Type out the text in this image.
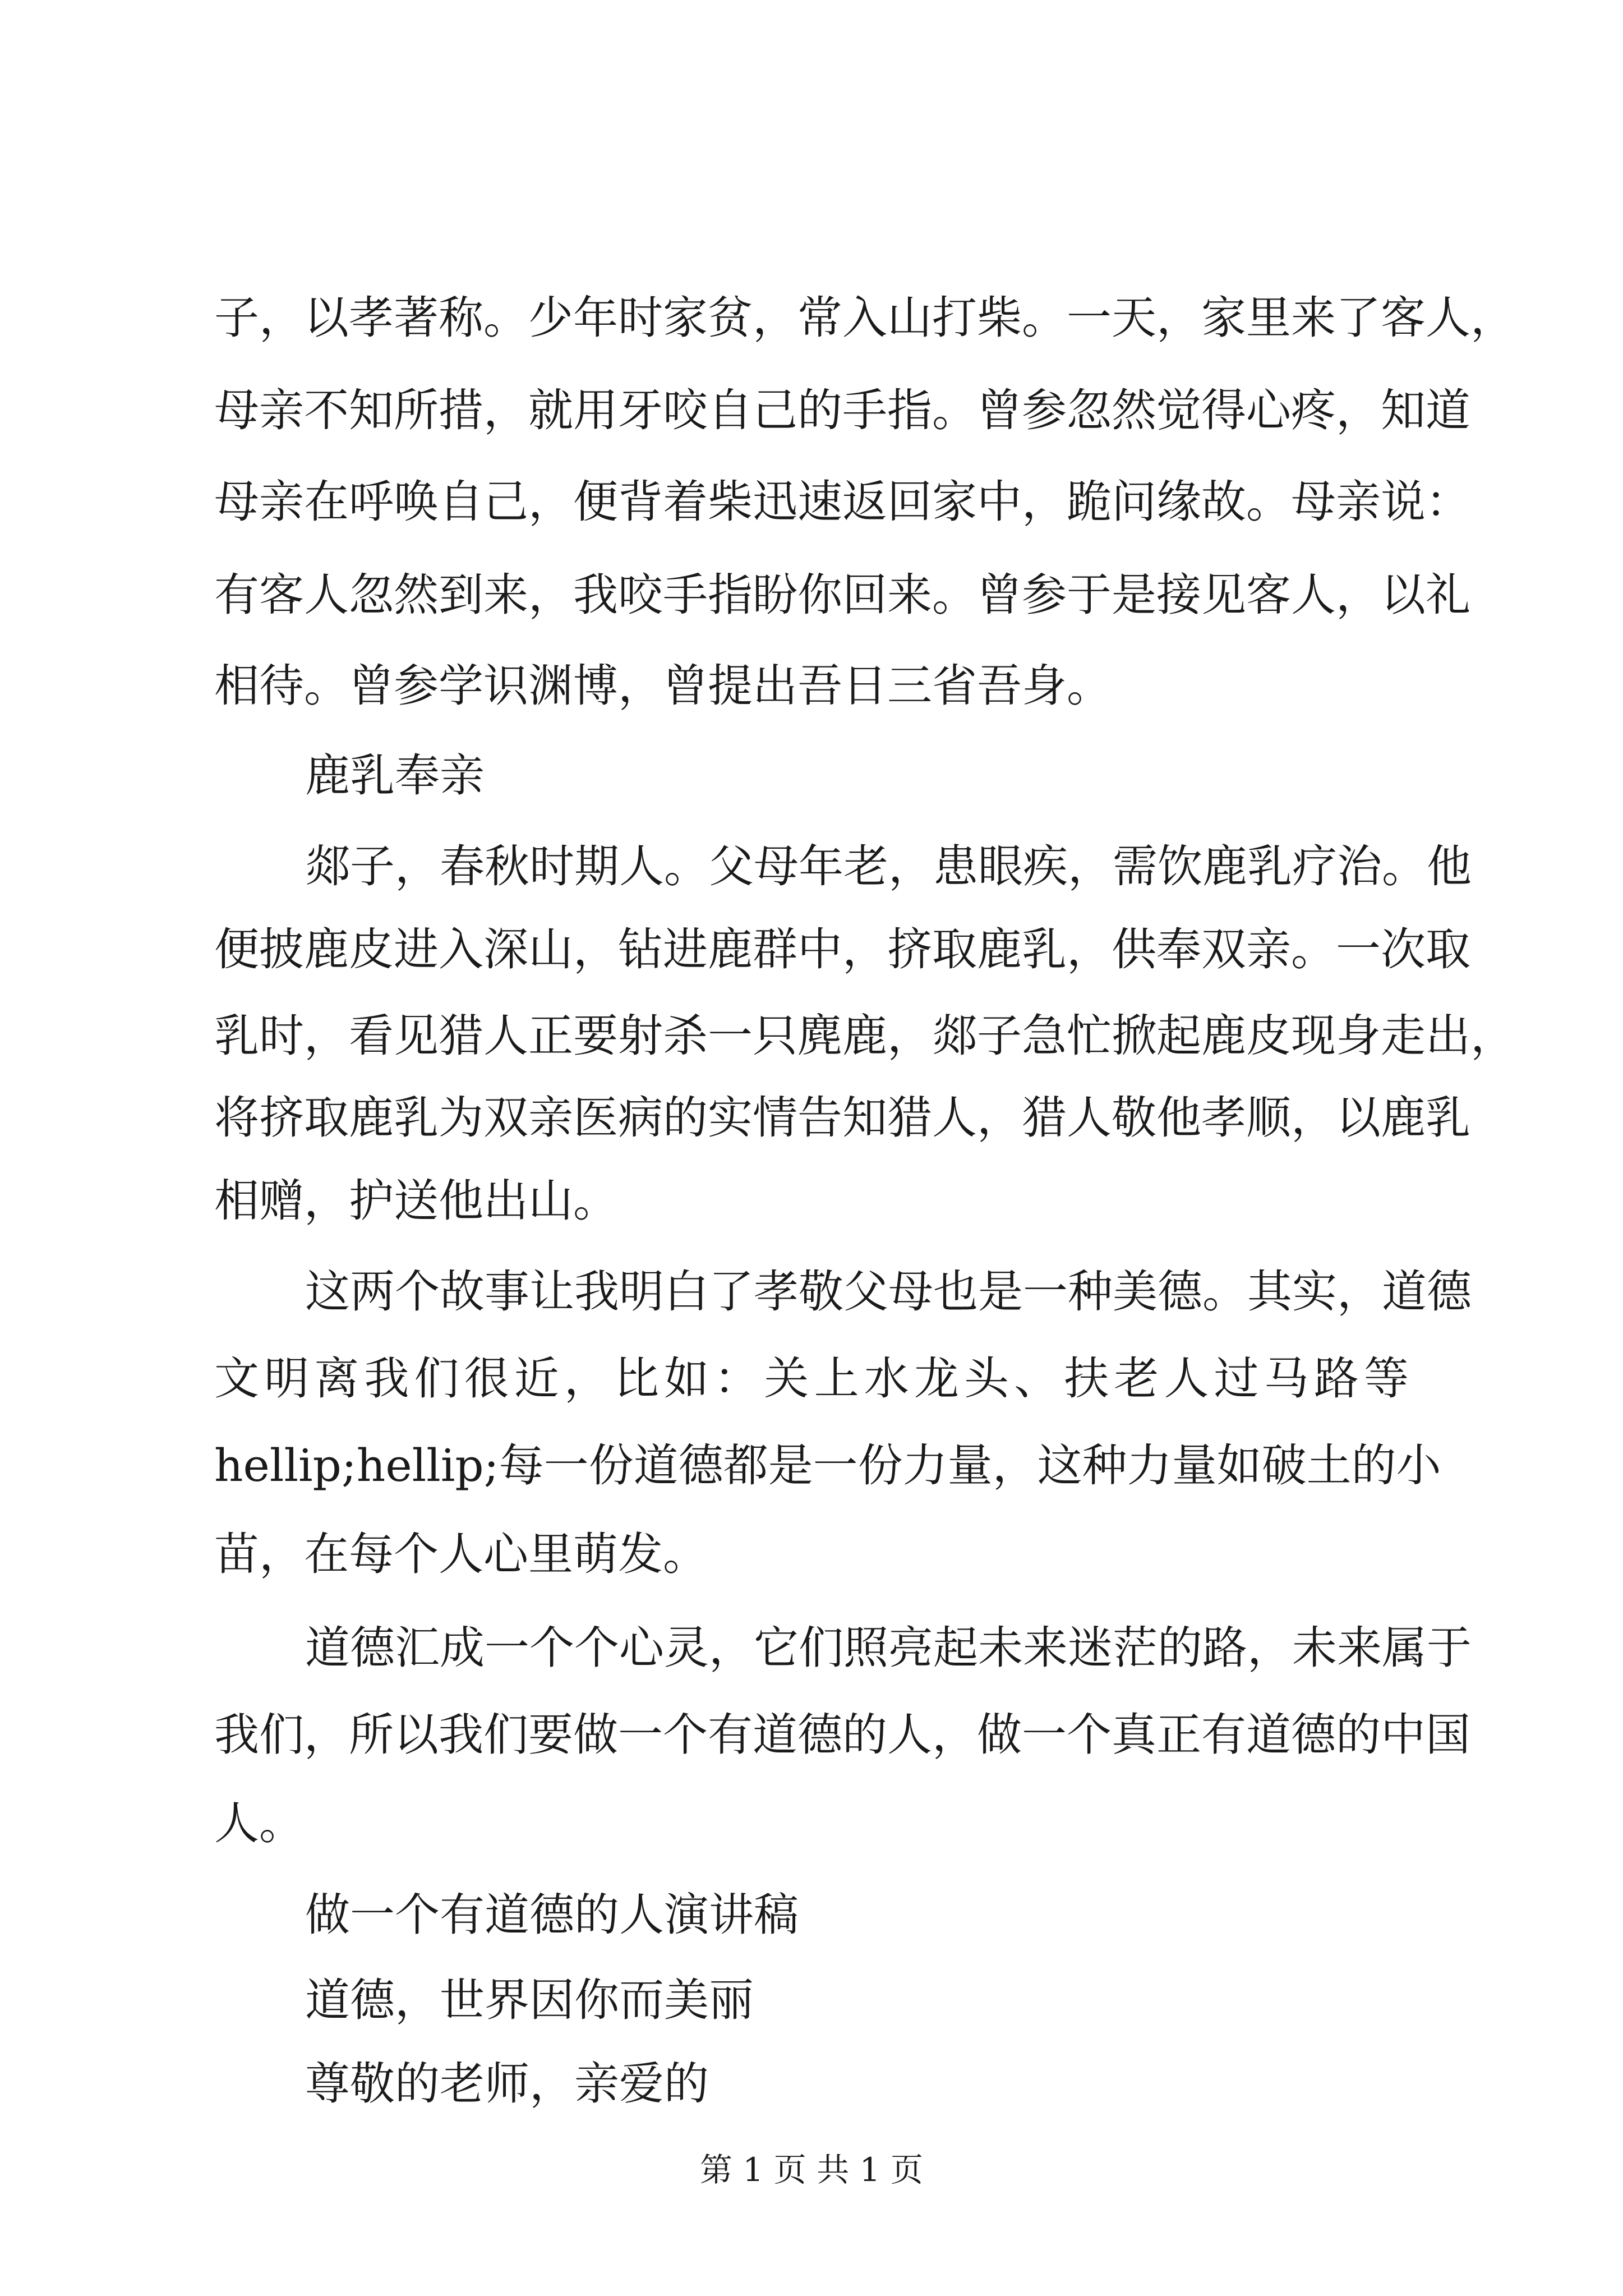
子，以孝著称。少年时家贫，常入山打柴。一天，家里来了客人，
母亲不知所措，就用牙咬自己的手指。曾参忽然觉得心疼，知道
母亲在呼唤自己，便背着柴迅速返回家中，跪问缘故。母亲说：
有客人忽然到来，我咬手指盼你回来。曾参于是接见客人，以礼
相待。曾参学识渊博，曾提出吾日三省吾身。
鹿乳奉亲
郯子，春秋时期人。父母年老，患眼疾，需饮鹿乳疗治。他
便披鹿皮进入深山，钻进鹿群中，挤取鹿乳，供奉双亲。一次取
乳时，看见猎人正要射杀一只麂鹿，郯子急忙掀起鹿皮现身走出，
将挤取鹿乳为双亲医病的实情告知猎人，猎人敬他孝顺，以鹿乳
相赠，护送他出山。
这两个故事让我明白了孝敬父母也是一种美德。其实，道德
文明离我们很近，比如：关上水龙头、扶老人过马路等
hellip;hellip;每一份道德都是一份力量，这种力量如破土的小
苗，在每个人心里萌发。
道德汇成一个个心灵，它们照亮起未来迷茫的路，未来属于
我们，所以我们要做一个有道德的人，做一个真正有道德的中国
人。
做一个有道德的人演讲稿
道德，世界因你而美丽
尊敬的老师，亲爱的
第 1 页 共 1 页
